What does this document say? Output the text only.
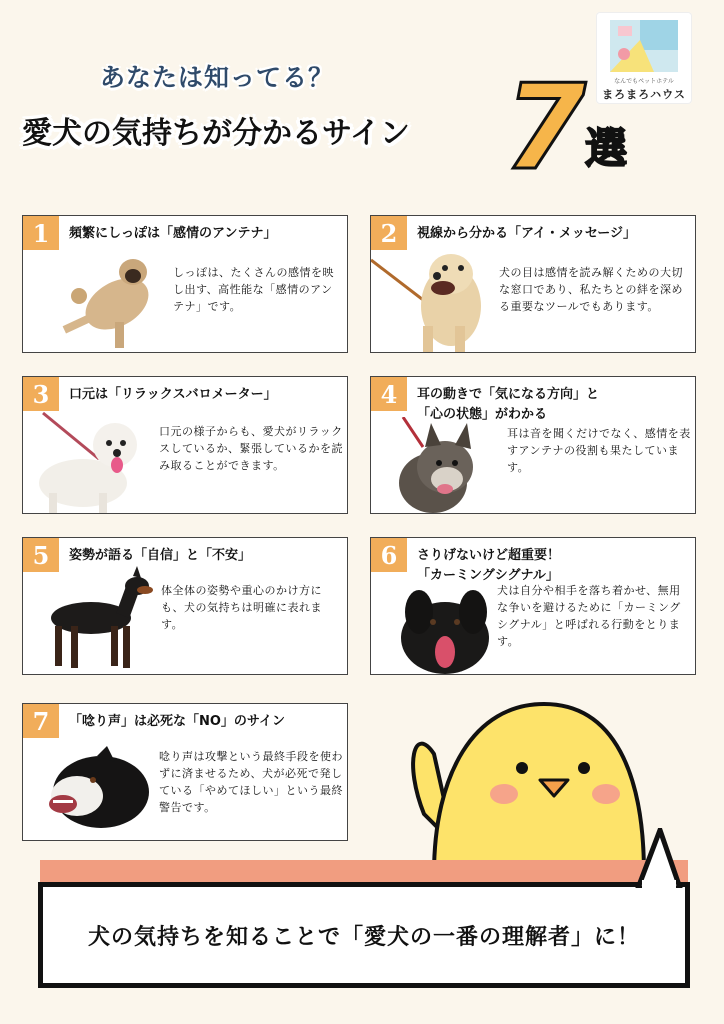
なんでもペットホテル
まろまろハウス
あなたは知ってる？
愛犬の気持ちが分かるサイン 7
選
1	頻繁にしっぽは「感情のアンテナ」
しっぽは、たくさんの感情を映し出す、高性能な「感情のアンテナ」です。
2	視線から分かる「アイ・メッセージ」
犬の目は感情を読み解くための大切な窓口であり、私たちとの絆を深める重要なツールでもあります。
3	口元は「リラックスバロメーター」
口元の様子からも、愛犬がリラックスしているか、緊張しているかを読み取ることができます。
4	耳の動きで「気になる方向」と
「心の状態」がわかる
耳は音を聞くだけでなく、感情を表すアンテナの役割も果たしています。
5	姿勢が語る「自信」と「不安」
体全体の姿勢や重心のかけ方にも、犬の気持ちは明確に表れます。
6	さりげないけど超重要！
「カーミングシグナル」
犬は自分や相手を落ち着かせ、無用な争いを避けるために「カーミングシグナル」と呼ばれる行動をとります。
7	「唸り声」は必死な「NO」のサイン
唸り声は攻撃という最終手段を使わずに済ませるため、犬が必死で発している「やめてほしい」という最終警告です。
犬の気持ちを知ることで「愛犬の一番の理解者」に！
